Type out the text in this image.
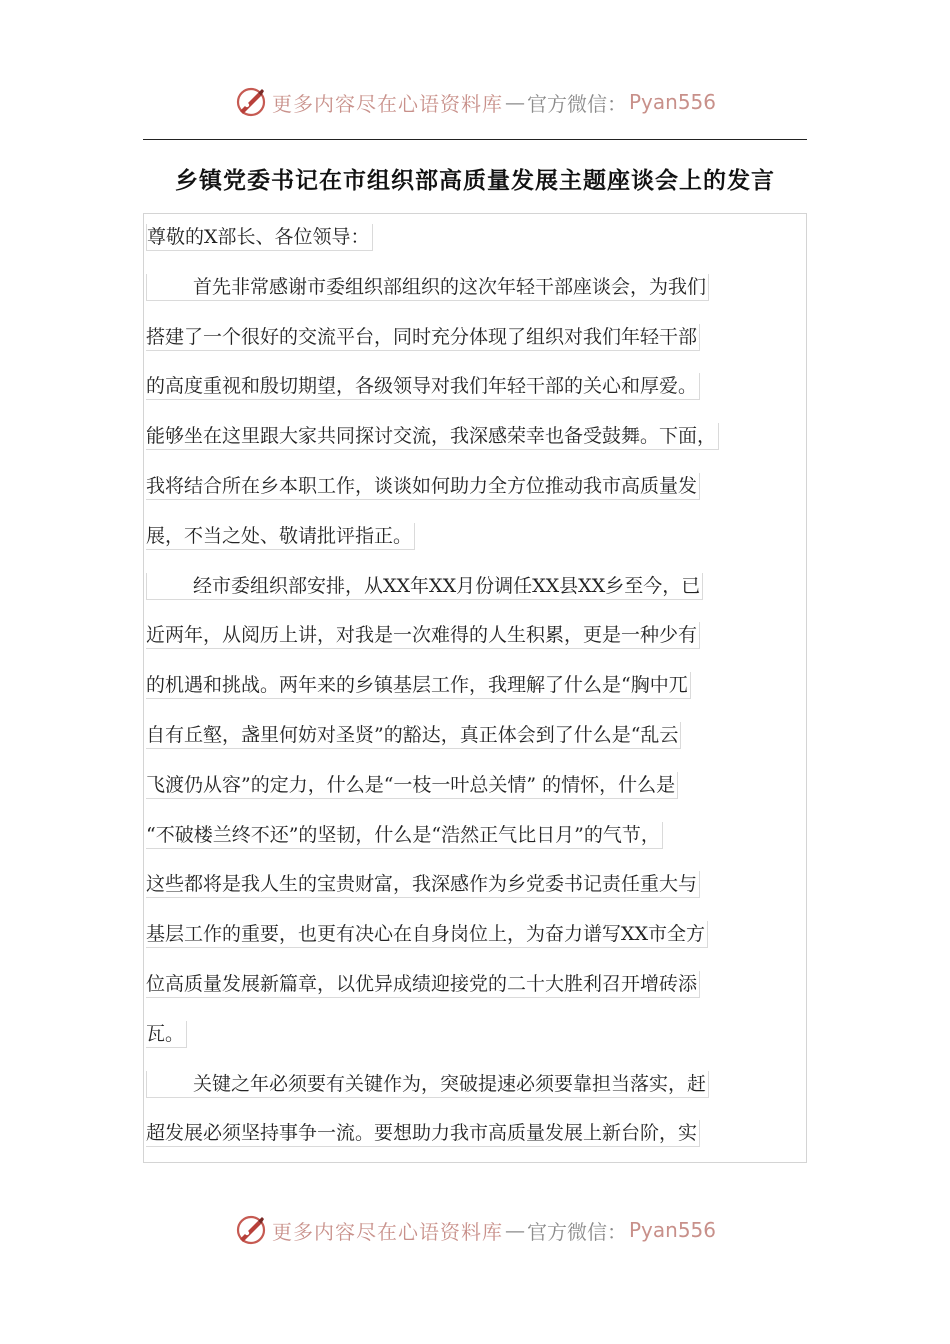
更多内容尽在心语资料库 — 官方微信： Pyan556
乡镇党委书记在市组织部高质量发展主题座谈会上的发言
尊敬的X部长、各位领导：
首先非常感谢市委组织部组织的这次年轻干部座谈会，为我们
搭建了一个很好的交流平台，同时充分体现了组织对我们年轻干部
的高度重视和殷切期望，各级领导对我们年轻干部的关心和厚爱。
能够坐在这里跟大家共同探讨交流，我深感荣幸也备受鼓舞。下面，
我将结合所在乡本职工作，谈谈如何助力全方位推动我市高质量发
展，不当之处、敬请批评指正。
经市委组织部安排，从XX年XX月份调任XX县XX乡至今，已
近两年，从阅历上讲，对我是一次难得的人生积累，更是一种少有
的机遇和挑战。两年来的乡镇基层工作，我理解了什么是“胸中兀
自有丘壑，盏里何妨对圣贤”的豁达，真正体会到了什么是“乱云
飞渡仍从容”的定力，什么是“一枝一叶总关情” 的情怀，什么是
“不破楼兰终不还”的坚韧，什么是“浩然正气比日月”的气节，
这些都将是我人生的宝贵财富，我深感作为乡党委书记责任重大与
基层工作的重要，也更有决心在自身岗位上，为奋力谱写XX市全方
位高质量发展新篇章，以优异成绩迎接党的二十大胜利召开增砖添
瓦。
关键之年必须要有关键作为，突破提速必须要靠担当落实，赶
超发展必须坚持事争一流。要想助力我市高质量发展上新台阶，实
更多内容尽在心语资料库 — 官方微信： Pyan556
